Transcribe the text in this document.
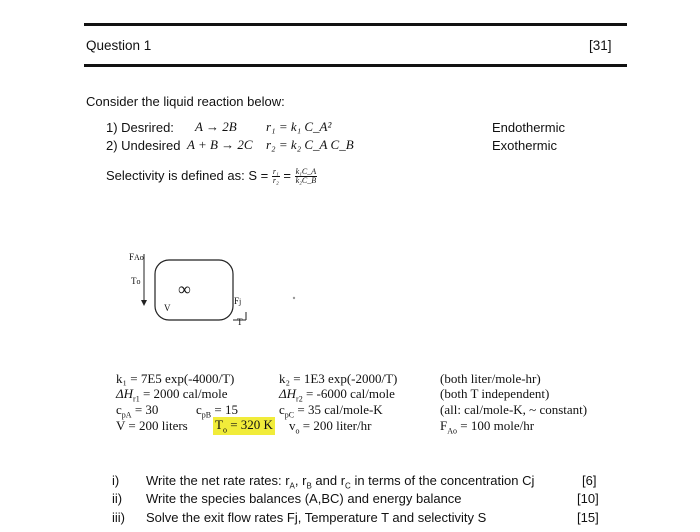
Question 1	[31]
Consider the liquid reaction below:
1) Desrired: A → 2B r₁ = k₁ C_A²	Endothermic
2) Undesired A + B → 2C r₂ = k₂ C_A C_B	Exothermic
Selectivity is defined as: $S = \frac{\text{r₁}}{\text{r₂}} = \frac{\text{k₁C\_A}}{\text{k₂C\_B}}$
FAo
To ∞
V
Fj
T
k₁ = 7E5 exp(-4000/T)	k₂ = 1E3 exp(-2000/T)	(both liter/mole-hr)
$\Delta H_{r1} = 2000$ cal/mole	$\Delta H_{r2} = -6000$ cal/mole	(both T independent)
$c_{pA} = 30$	$c_{pB} = 15$	$c_{pC} = 35$ cal/mole-K	(all: cal/mole-K, ~ constant)
V = 200 liters $T_o = 320$ K $v_o = 200$ liter/hr	$F_{Ao} = 100$ mole/hr
i) Write the net rate rates: $r_A$, $r_B$ and $r_C$ in terms of the concentration Cj	[6]
ii) Write the species balances (A,BC) and energy balance	[10]
iii) Solve the exit flow rates Fj, Temperature T and selectivity S	[15]
